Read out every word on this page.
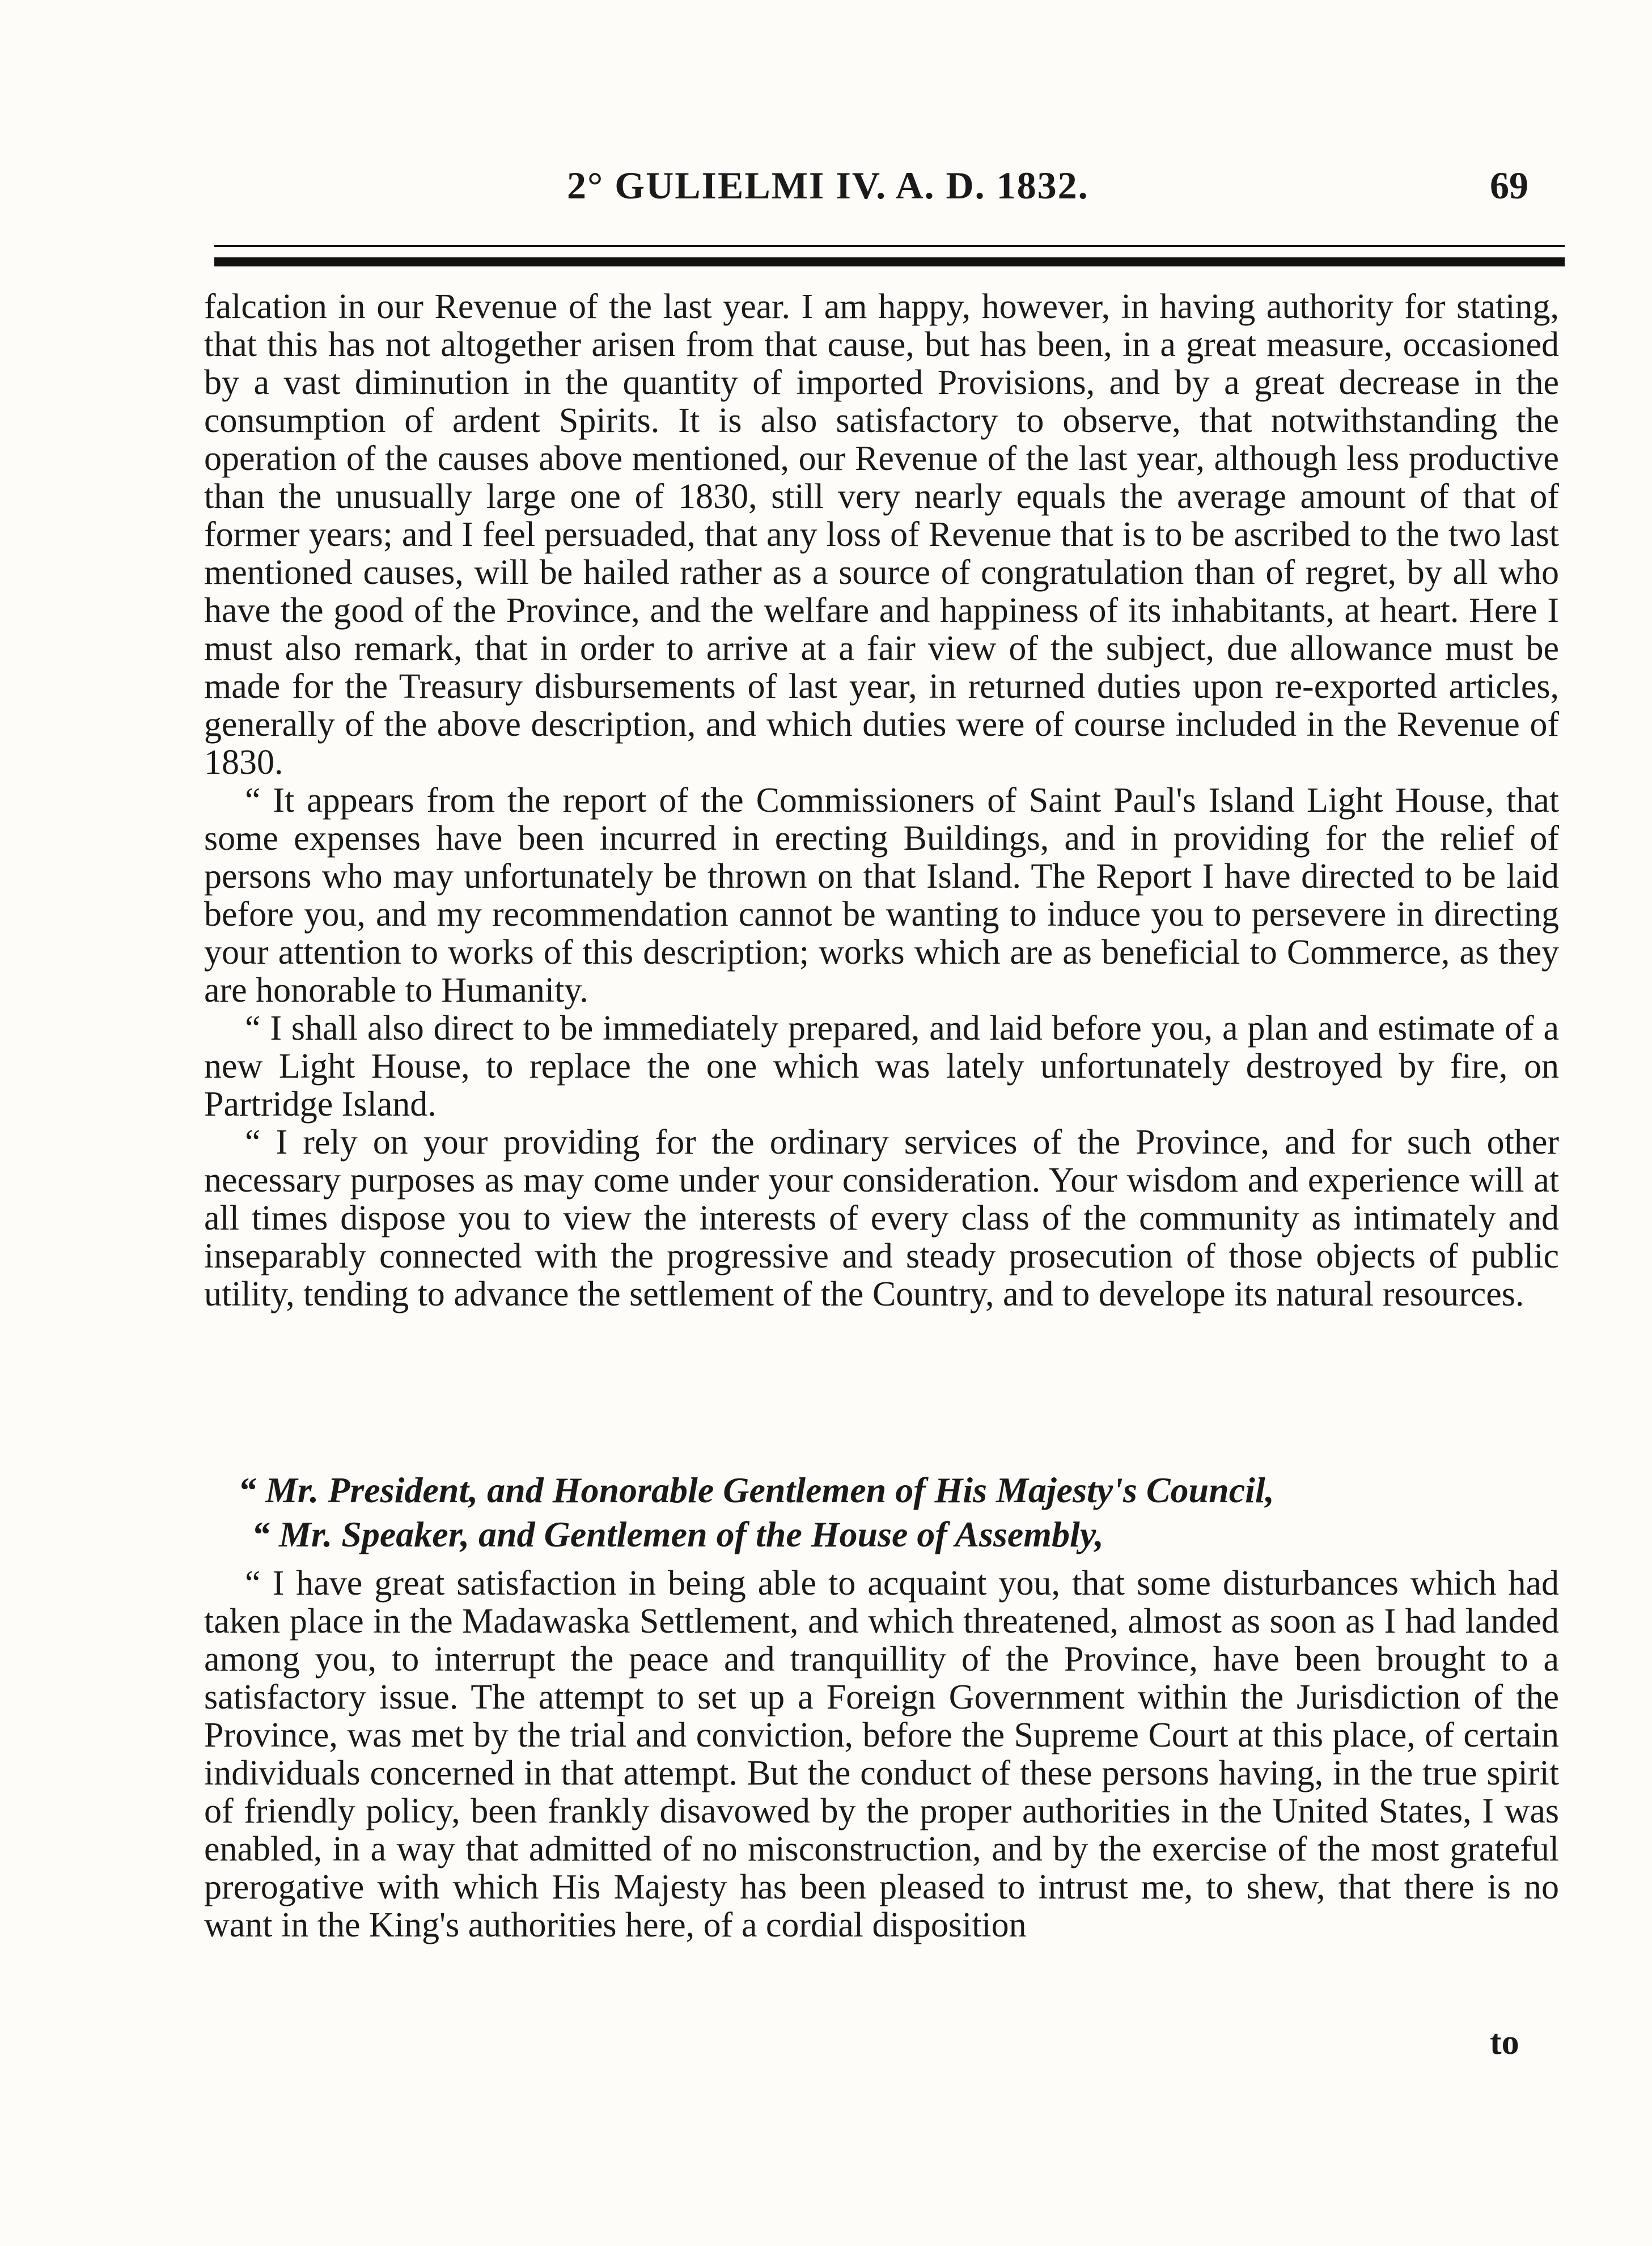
2° GULIELMI IV. A. D. 1832.	69

falcation in our Revenue of the last year. I am happy, however, in having authority for stating, that this has not altogether arisen from that cause, but has been, in a great measure, occasioned by a vast diminution in the quantity of imported Provisions, and by a great decrease in the consumption of ardent Spirits. It is also satisfactory to observe, that notwithstanding the operation of the causes above mentioned, our Revenue of the last year, although less productive than the unusually large one of 1830, still very nearly equals the average amount of that of former years; and I feel persuaded, that any loss of Revenue that is to be ascribed to the two last mentioned causes, will be hailed rather as a source of congratulation than of regret, by all who have the good of the Province, and the welfare and happiness of its inhabitants, at heart. Here I must also remark, that in order to arrive at a fair view of the subject, due allowance must be made for the Treasury disbursements of last year, in returned duties upon re-exported articles, generally of the above description, and which duties were of course included in the Revenue of 1830.

“ It appears from the report of the Commissioners of Saint Paul's Island Light House, that some expenses have been incurred in erecting Buildings, and in providing for the relief of persons who may unfortunately be thrown on that Island. The Report I have directed to be laid before you, and my recommendation cannot be wanting to induce you to persevere in directing your attention to works of this description; works which are as beneficial to Commerce, as they are honorable to Humanity.

“ I shall also direct to be immediately prepared, and laid before you, a plan and estimate of a new Light House, to replace the one which was lately unfortunately destroyed by fire, on Partridge Island.

“ I rely on your providing for the ordinary services of the Province, and for such other necessary purposes as may come under your consideration. Your wisdom and experience will at all times dispose you to view the interests of every class of the community as intimately and inseparably connected with the progressive and steady prosecution of those objects of public utility, tending to advance the settlement of the Country, and to develope its natural resources.

“ Mr. President, and Honorable Gentlemen of His Majesty's Council,
“ Mr. Speaker, and Gentlemen of the House of Assembly,

“ I have great satisfaction in being able to acquaint you, that some disturbances which had taken place in the Madawaska Settlement, and which threatened, almost as soon as I had landed among you, to interrupt the peace and tranquillity of the Province, have been brought to a satisfactory issue. The attempt to set up a Foreign Government within the Jurisdiction of the Province, was met by the trial and conviction, before the Supreme Court at this place, of certain individuals concerned in that attempt. But the conduct of these persons having, in the true spirit of friendly policy, been frankly disavowed by the proper authorities in the United States, I was enabled, in a way that admitted of no misconstruction, and by the exercise of the most grateful prerogative with which His Majesty has been pleased to intrust me, to shew, that there is no want in the King's authorities here, of a cordial disposition

to
